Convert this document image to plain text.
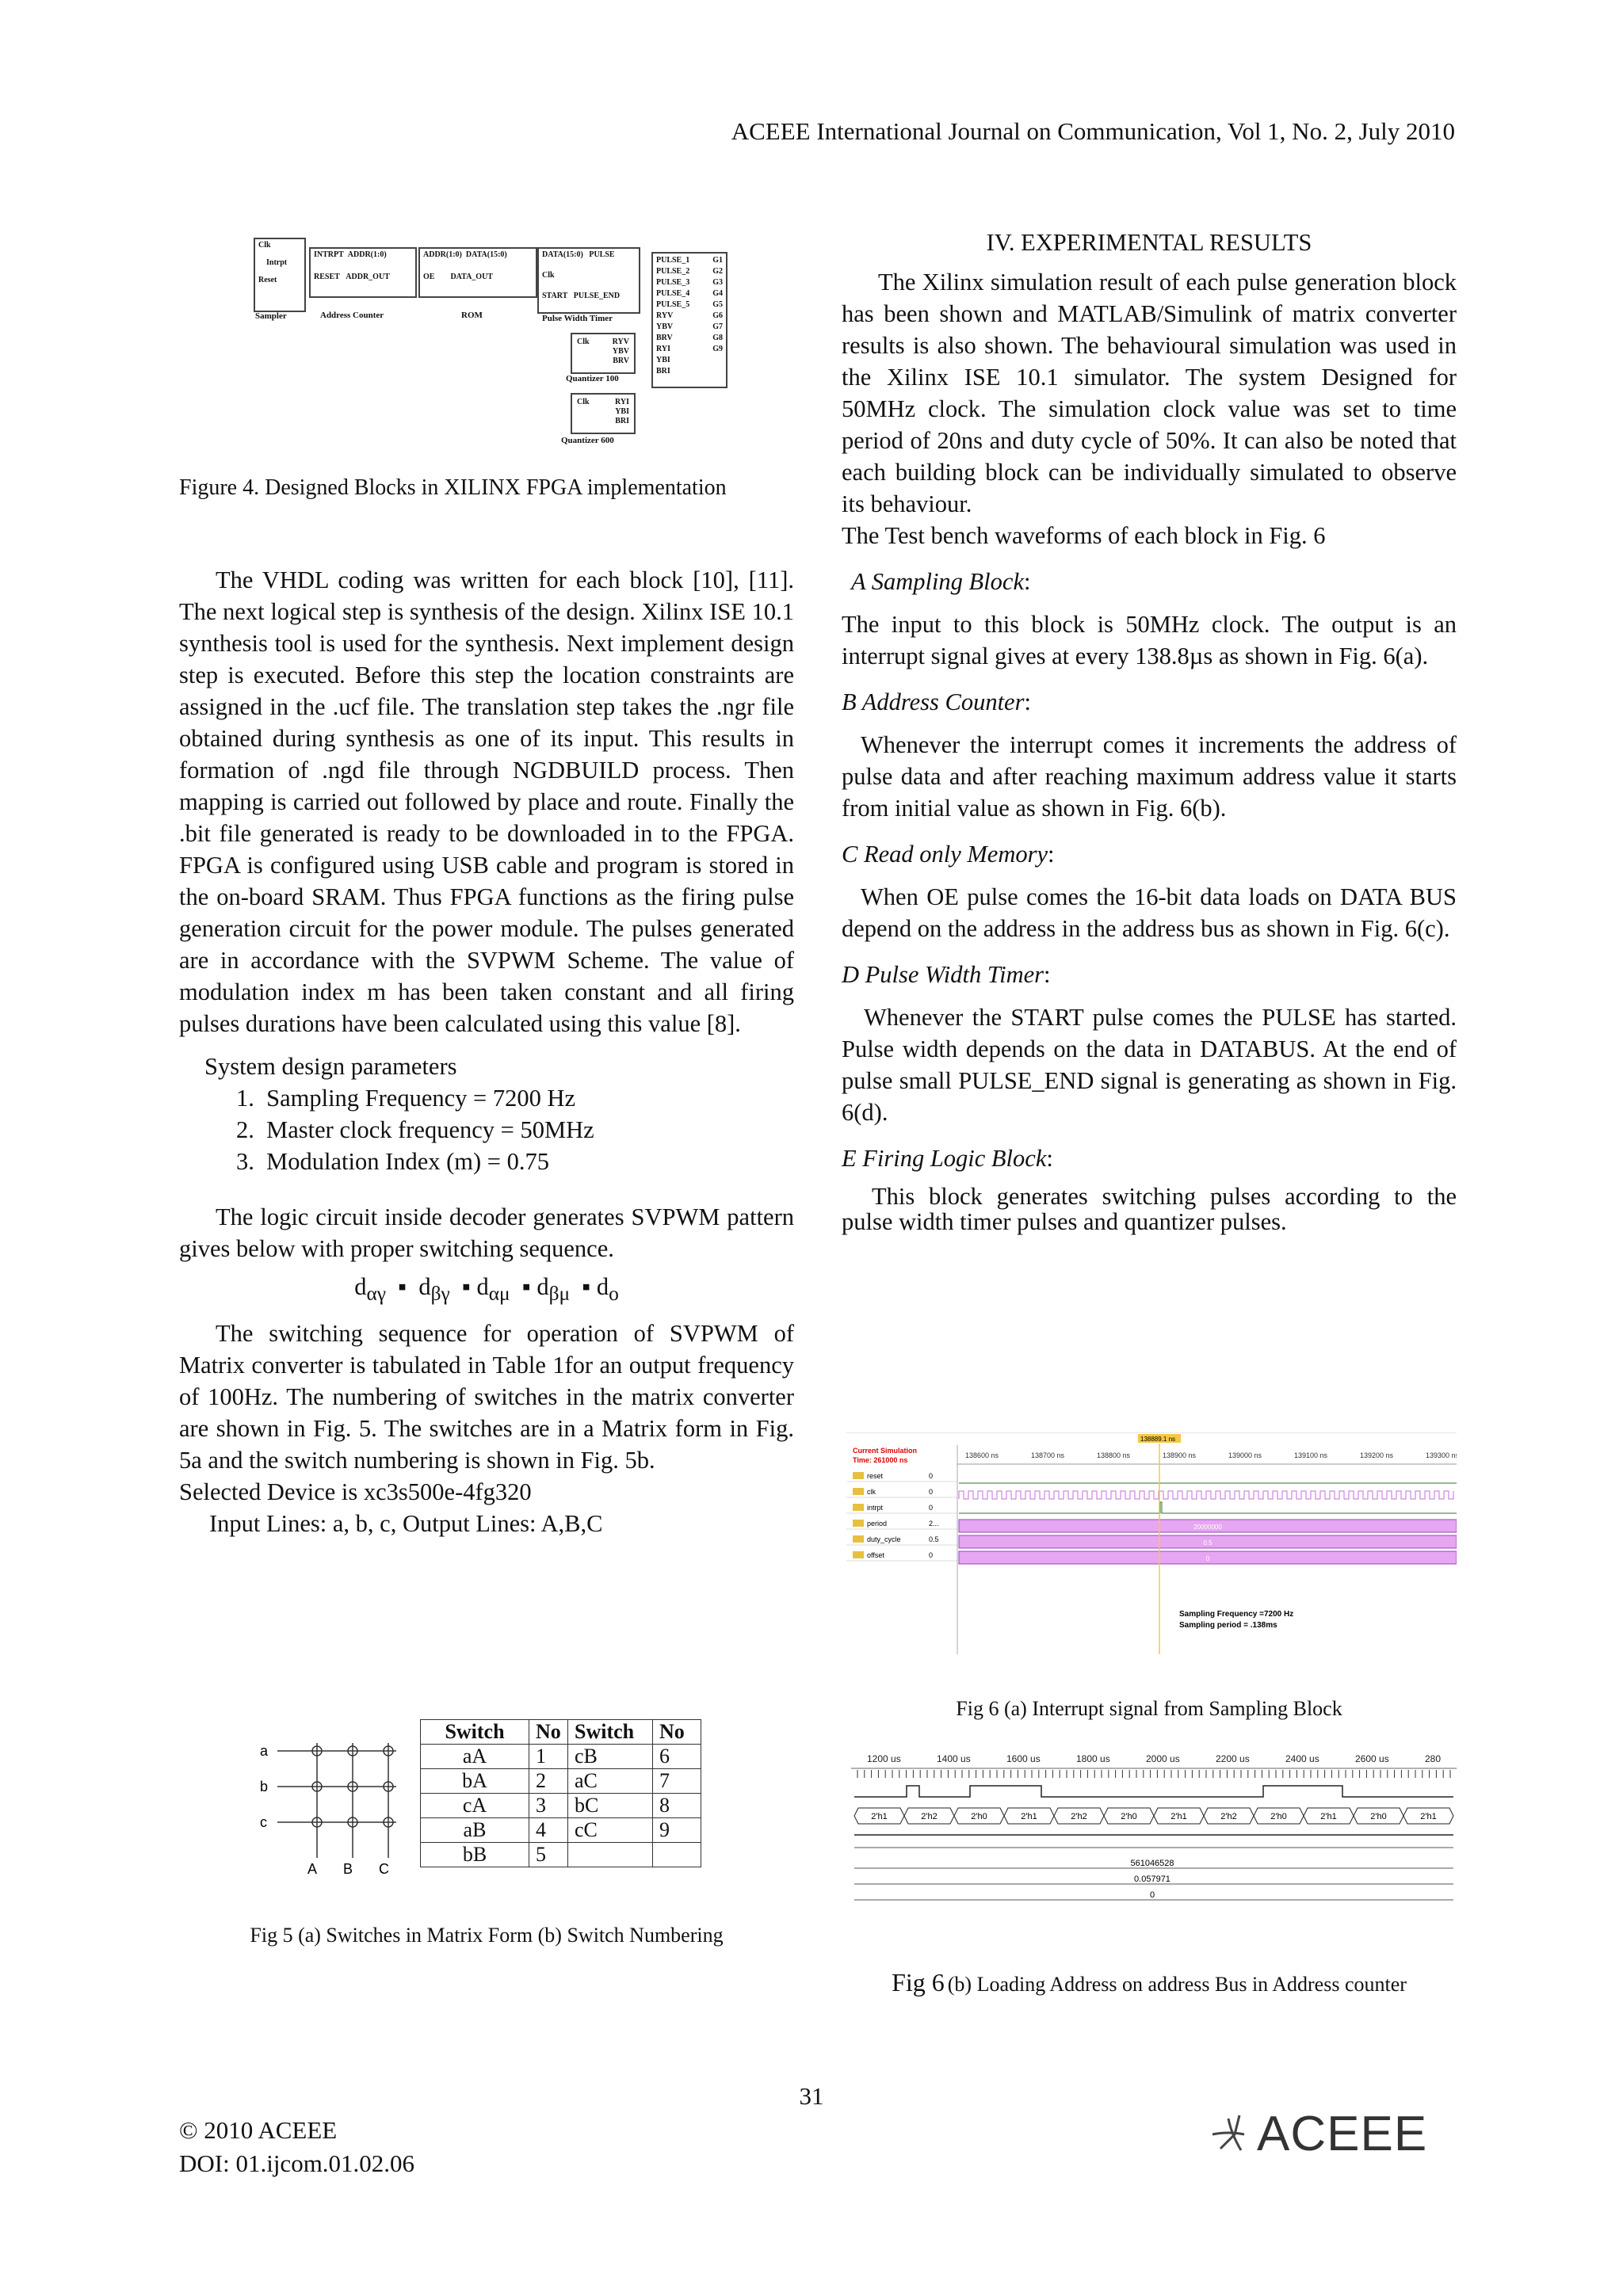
ACEEE International Journal on Communication, Vol 1, No. 2, July 2010
Clk
Intrpt
Reset
Sampler
INTRPT ADDR(1:0)
RESET ADDR_OUT
Address Counter
ADDR(1:0) DATA(15:0)
OE DATA_OUT
ROM
DATA(15:0) PULSE
Clk
START PULSE_END
Pulse Width Timer
PULSE_1
PULSE_2
PULSE_3
PULSE_4
PULSE_5
RYV
YBV
BRV
RYI
YBI
BRI
G1
G2
G3
G4
G5
G6
G7
G8
G9
Clk	RYV
YBV
BRV
Quantizer 100
Clk	RYI
YBI
BRI
Quantizer 600
Figure 4. Designed Blocks in XILINX FPGA implementation

The VHDL coding was written for each block [10], [11]. The next logical step is synthesis of the design. Xilinx ISE 10.1 synthesis tool is used for the synthesis. Next implement design step is executed. Before this step the location constraints are assigned in the .ucf file. The translation step takes the .ngr file obtained during synthesis as one of its input. This results in formation of .ngd file through NGDBUILD process. Then mapping is carried out followed by place and route. Finally the .bit file generated is ready to be downloaded in to the FPGA. FPGA is configured using USB cable and program is stored in the on-board SRAM. Thus FPGA functions as the firing pulse generation circuit for the power module. The pulses generated are in accordance with the SVPWM Scheme. The value of modulation index m has been taken constant and all firing pulses durations have been calculated using this value [8].

System design parameters

1.  Sampling Frequency = 7200 Hz

2.  Master clock frequency = 50MHz

3.  Modulation Index (m) = 0.75

The logic circuit inside decoder generates SVPWM pattern gives below with proper switching sequence.

$d_{\alpha\gamma}$  ▪  $d_{\beta\gamma}$  ▪ $d_{\alpha\mu}$  ▪ $d_{\beta\mu}$  ▪ $d_o$

The switching sequence for operation of SVPWM of Matrix converter is tabulated in Table 1for an output frequency of 100Hz. The numbering of switches in the matrix converter are shown in Fig. 5. The switches are in a Matrix form in Fig. 5a and the switch numbering is shown in Fig. 5b.

Selected Device is xc3s500e-4fg320

Input Lines: a, b, c, Output Lines: A,B,C

a
b
c
A B C
Switch	No	Switch	No
aA	1	cB	6
bA	2	aC	7
cA	3	bC	8
aB	4	cC	9
bB	5		
Fig 5 (a) Switches in Matrix Form (b) Switch Numbering

IV. EXPERIMENTAL RESULTS

The Xilinx simulation result of each pulse generation block has been shown and MATLAB/Simulink of matrix converter results is also shown. The behavioural simulation was used in the Xilinx ISE 10.1 simulator. The system Designed for 50MHz clock. The simulation clock value was set to time period of 20ns and duty cycle of 50%. It can also be noted that each building block can be individually simulated to observe its behaviour.

The Test bench waveforms of each block in Fig. 6

A Sampling Block:

The input to this block is 50MHz clock. The output is an interrupt signal gives at every 138.8µs as shown in Fig. 6(a).

B Address Counter:

Whenever the interrupt comes it increments the address of pulse data and after reaching maximum address value it starts from initial value as shown in Fig. 6(b).

C Read only Memory:

When OE pulse comes the 16-bit data loads on DATA BUS depend on the address in the address bus as shown in Fig. 6(c).

D Pulse Width Timer:

Whenever the START pulse comes the PULSE has started. Pulse width depends on the data in DATABUS. At the end of pulse small PULSE_END signal is generating as shown in Fig. 6(d).

E Firing Logic Block:

This block generates switching pulses according to the pulse width timer pulses and quantizer pulses.

138889.1 ns
Current Simulation
Time: 261000 ns
138600 ns	138700 ns	138800 ns	138900 ns	139000 ns	139100 ns	139200 ns	139300 ns
reset	0
clk	0
intrpt	0
period	2...
duty_cycle	0.5
offset	0
20000000
0.5
0
Sampling Frequency =7200 Hz
Sampling period = .138ms
Fig 6 (a) Interrupt signal from Sampling Block
1200 us	1400 us	1600 us	1800 us	2000 us	2200 us	2400 us	2600 us	280
2'h1	2'h2	2'h0	2'h1	2'h2	2'h0	2'h1	2'h2	2'h0	2'h1	2'h0	2'h1
561046528
0.057971
0
Fig 6 (b) Loading Address on address Bus in Address counter
31
© 2010 ACEEE
DOI: 01.ijcom.01.02.06
ACEEE
